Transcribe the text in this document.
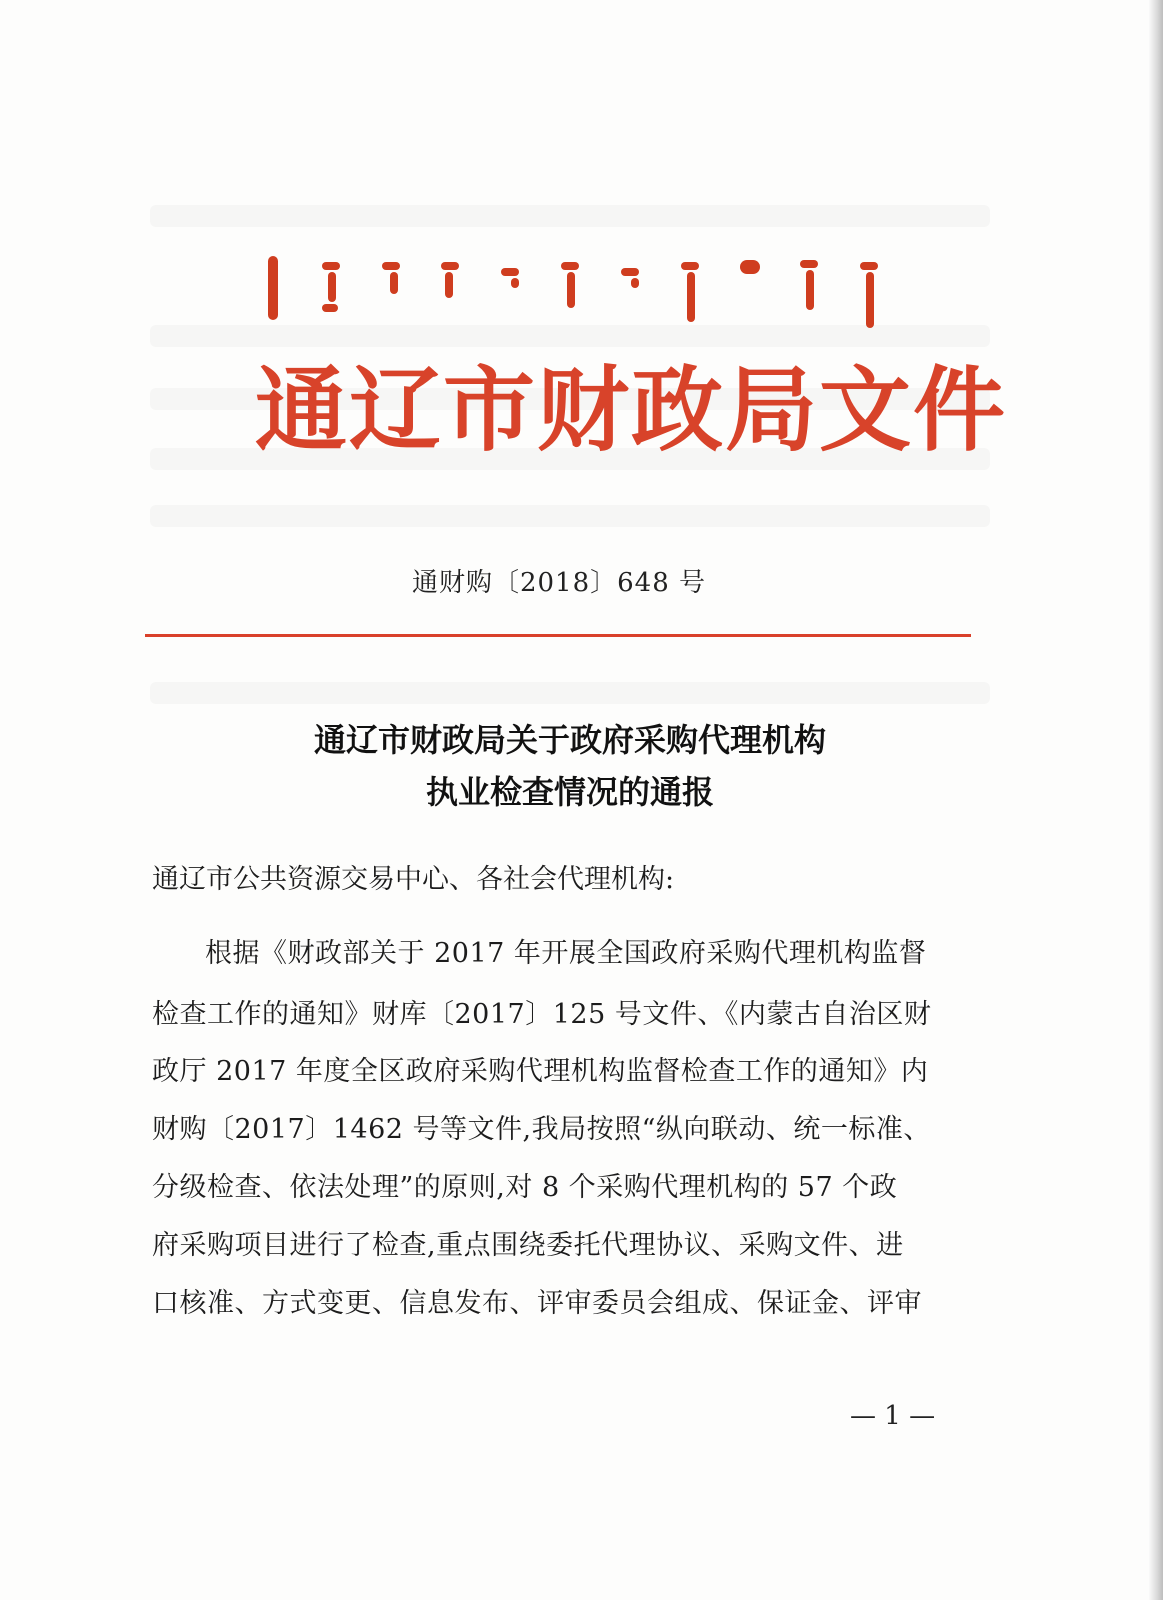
通辽市财政局文件
通财购〔2018〕648 号
通辽市财政局关于政府采购代理机构
执业检查情况的通报
通辽市公共资源交易中心、各社会代理机构:
根据《财政部关于 2017 年开展全国政府采购代理机构监督
检查工作的通知》财库〔2017〕125 号文件、《内蒙古自治区财
政厅 2017 年度全区政府采购代理机构监督检查工作的通知》内
财购〔2017〕1462 号等文件,我局按照“纵向联动、统一标准、
分级检查、依法处理”的原则,对 8 个采购代理机构的 57 个政
府采购项目进行了检查,重点围绕委托代理协议、采购文件、进
口核准、方式变更、信息发布、评审委员会组成、保证金、评审
— 1 —
